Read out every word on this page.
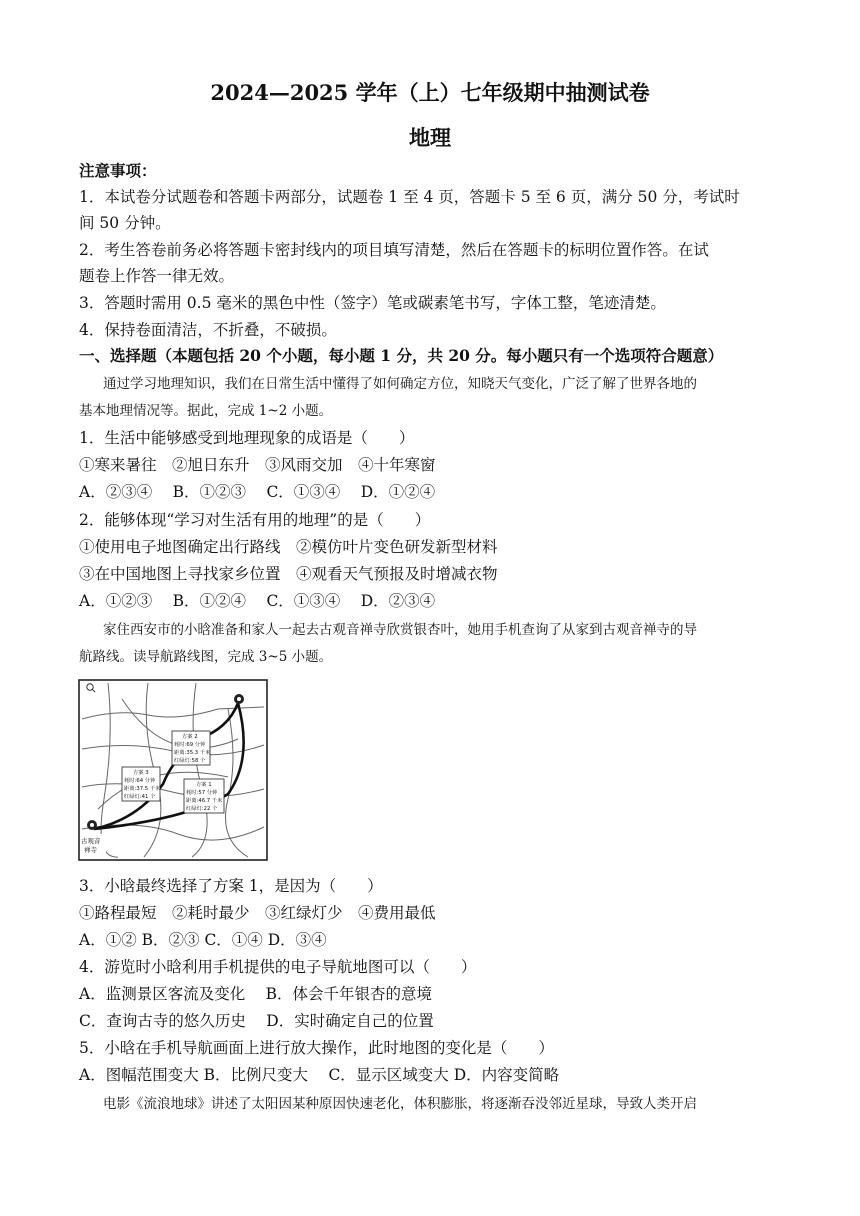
2024—2025 学年（上）七年级期中抽测试卷
地理
注意事项：
1．本试卷分试题卷和答题卡两部分，试题卷 1 至 4 页，答题卡 5 至 6 页，满分 50 分，考试时
间 50 分钟。
2．考生答卷前务必将答题卡密封线内的项目填写清楚，然后在答题卡的标明位置作答。在试
题卷上作答一律无效。
3．答题时需用 0.5 毫米的黑色中性（签字）笔或碳素笔书写，字体工整，笔迹清楚。
4．保持卷面清洁，不折叠，不破损。
一、选择题（本题包括 20 个小题，每小题 1 分，共 20 分。每小题只有一个选项符合题意）
通过学习地理知识，我们在日常生活中懂得了如何确定方位，知晓天气变化，广泛了解了世界各地的
基本地理情况等。据此，完成 1~2 小题。
1．生活中能够感受到地理现象的成语是（　　）
①寒来暑往　②旭日东升　③风雨交加　④十年寒窗
A．②③④　 B．①②③　 C．①③④　 D．①②④
2．能够体现“学习对生活有用的地理”的是（　　）
①使用电子地图确定出行路线　②模仿叶片变色研发新型材料
③在中国地图上寻找家乡位置　④观看天气预报及时增减衣物
A．①②③　 B．①②④　 C．①③④　 D．②③④
家住西安市的小晗准备和家人一起去古观音禅寺欣赏银杏叶，她用手机查询了从家到古观音禅寺的导
航路线。读导航路线图，完成 3~5 小题。
方案 2
耗时:69 分钟
距离:35.3 千米
红绿灯:58 个
方案 3
耗时:64 分钟
距离:37.5 千米
红绿灯:41 个
方案 1
耗时:57 分钟
距离:46.7 千米
红绿灯:22 个
古观音
禅寺
3．小晗最终选择了方案 1，是因为（　　）
①路程最短　②耗时最少　③红绿灯少　④费用最低
A．①② B．②③ C．①④ D．③④
4．游览时小晗利用手机提供的电子导航地图可以（　　）
A．监测景区客流及变化　 B．体会千年银杏的意境
C．查询古寺的悠久历史　 D．实时确定自己的位置
5．小晗在手机导航画面上进行放大操作，此时地图的变化是（　　）
A．图幅范围变大 B．比例尺变大　 C．显示区域变大 D．内容变简略
电影《流浪地球》讲述了太阳因某种原因快速老化，体积膨胀，将逐渐吞没邻近星球，导致人类开启
